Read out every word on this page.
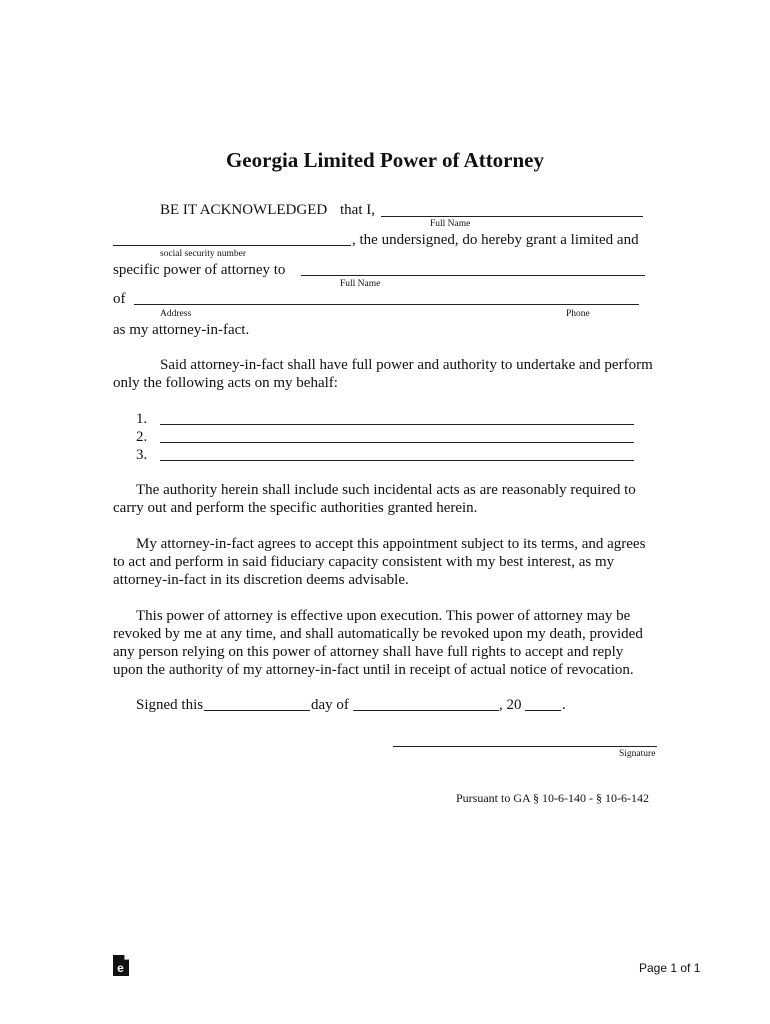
Georgia Limited Power of Attorney
BE IT ACKNOWLEDGED that I,
Full Name
, the undersigned, do hereby grant a limited and
social security number
specific power of attorney to
Full Name
of
Address	Phone
as my attorney-in-fact.
Said attorney-in-fact shall have full power and authority to undertake and perform
only the following acts on my behalf:
1.
2.
3.
The authority herein shall include such incidental acts as are reasonably required to
carry out and perform the specific authorities granted herein.
My attorney-in-fact agrees to accept this appointment subject to its terms, and agrees
to act and perform in said fiduciary capacity consistent with my best interest, as my
attorney-in-fact in its discretion deems advisable.
This power of attorney is effective upon execution. This power of attorney may be
revoked by me at any time, and shall automatically be revoked upon my death, provided
any person relying on this power of attorney shall have full rights to accept and reply
upon the authority of my attorney-in-fact until in receipt of actual notice of revocation.
Signed this	day of	, 20	.
Signature
Pursuant to GA § 10-6-140 - § 10-6-142
e	Page 1 of 1
